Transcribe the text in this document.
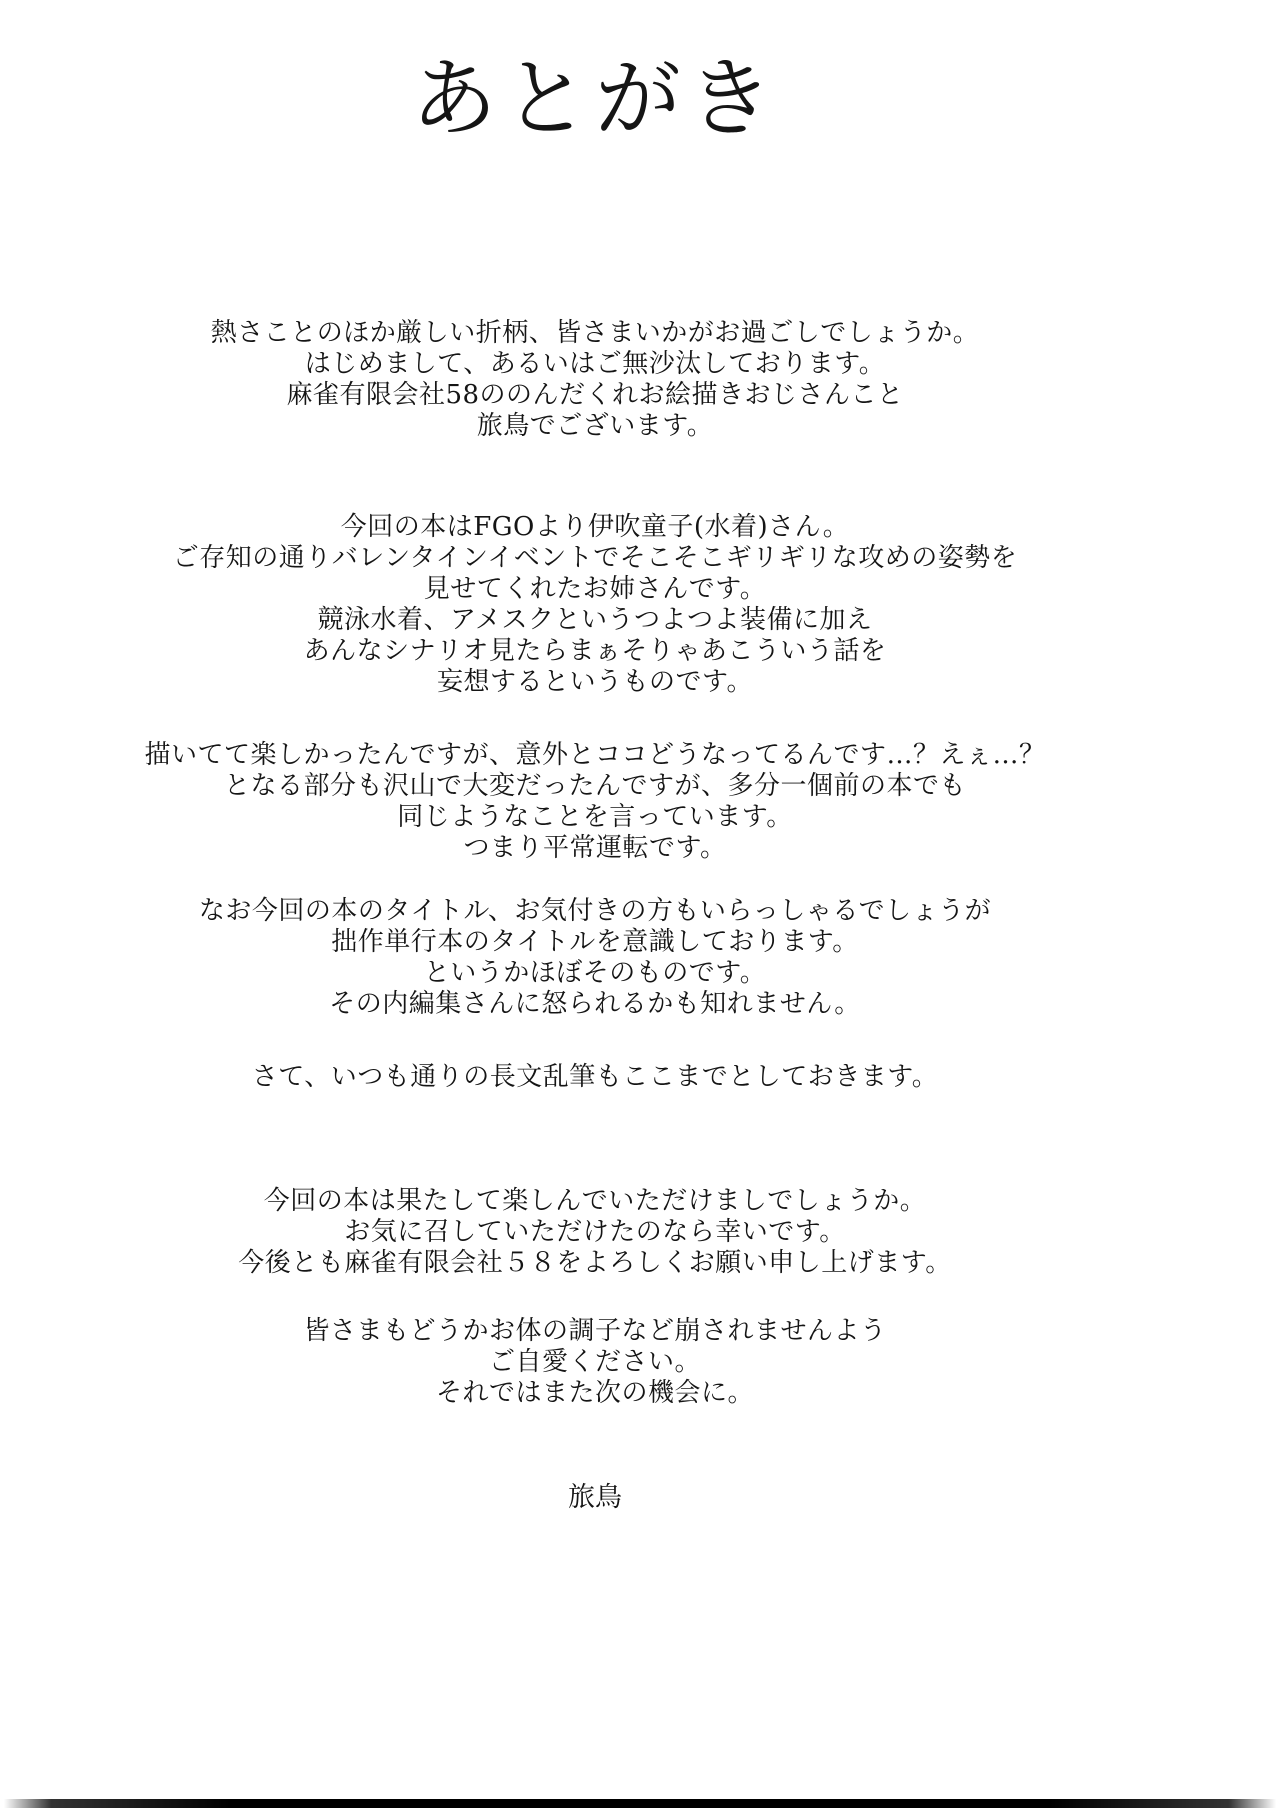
あとがき
熱さことのほか厳しい折柄、皆さまいかがお過ごしでしょうか。
はじめまして、あるいはご無沙汰しております。
麻雀有限会社58ののんだくれお絵描きおじさんこと
旅鳥でございます。
今回の本はFGOより伊吹童子(水着)さん。
ご存知の通りバレンタインイベントでそこそこギリギリな攻めの姿勢を
見せてくれたお姉さんです。
競泳水着、アメスクというつよつよ装備に加え
あんなシナリオ見たらまぁそりゃあこういう話を
妄想するというものです。
描いてて楽しかったんですが、意外とココどうなってるんです…？えぇ…？
となる部分も沢山で大変だったんですが、多分一個前の本でも
同じようなことを言っています。
つまり平常運転です。
なお今回の本のタイトル、お気付きの方もいらっしゃるでしょうが
拙作単行本のタイトルを意識しております。
というかほぼそのものです。
その内編集さんに怒られるかも知れません。
さて、いつも通りの長文乱筆もここまでとしておきます。
今回の本は果たして楽しんでいただけましでしょうか。
お気に召していただけたのなら幸いです。
今後とも麻雀有限会社５８をよろしくお願い申し上げます。
皆さまもどうかお体の調子など崩されませんよう
ご自愛ください。
それではまた次の機会に。
旅鳥
